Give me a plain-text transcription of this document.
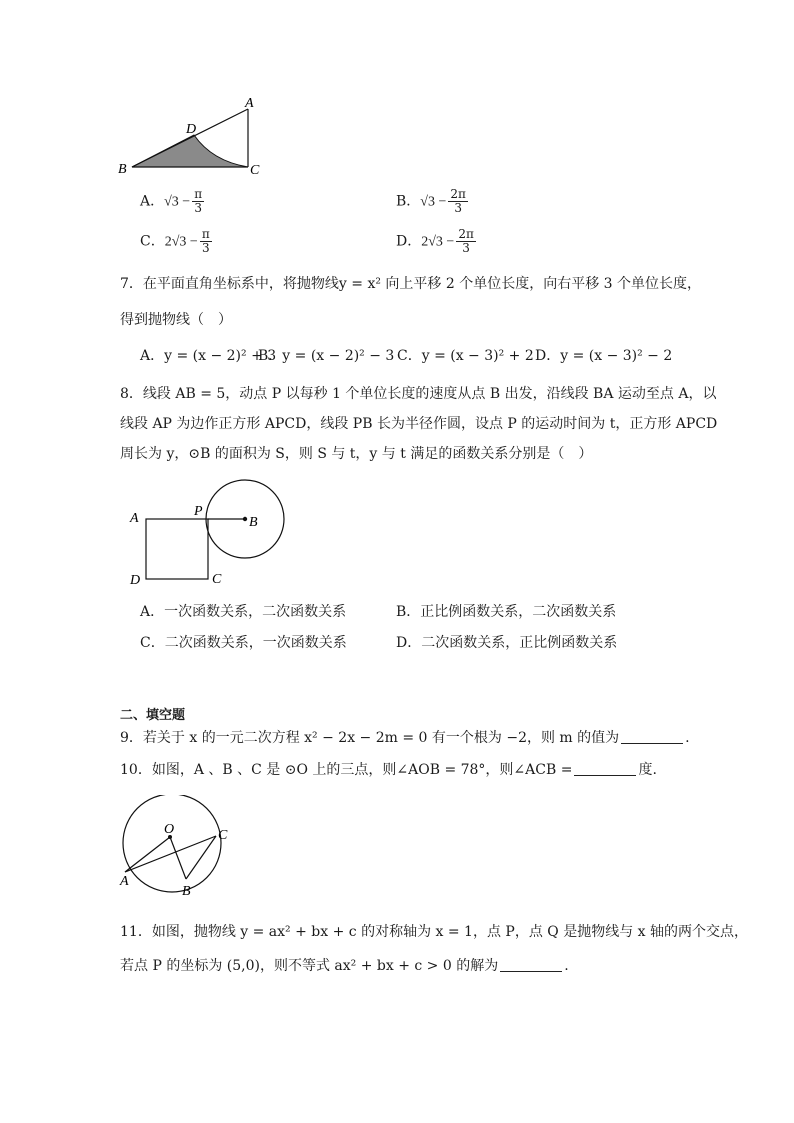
A
B	C
D
A．$√3 - \frac{\pi}{3}$	B．$√3 - \frac{2\pi}{3}$
C．$2√3 - \frac{\pi}{3}$	D．$2√3 - \frac{2\pi}{3}$
7．在平面直角坐标系中，将抛物线y = x² 向上平移 2 个单位长度，向右平移 3 个单位长度，
得到抛物线（　）
A．y = (x − 2)² + 3
B．y = (x − 2)² − 3 C．y = (x − 3)² + 2 D．y = (x − 3)² − 2
8．线段 AB = 5，动点 P 以每秒 1 个单位长度的速度从点 B 出发，沿线段 BA 运动至点 A，以
线段 AP 为边作正方形 APCD，线段 PB 长为半径作圆，设点 P 的运动时间为 t，正方形 APCD
周长为 y，⊙B 的面积为 S，则 S 与 t，y 与 t 满足的函数关系分别是（　）
A	P
B
C
D
A．一次函数关系，二次函数关系	B．正比例函数关系，二次函数关系
C．二次函数关系，一次函数关系	D．二次函数关系，正比例函数关系
二、填空题
9．若关于 x 的一元二次方程 x² − 2x − 2m = 0 有一个根为 −2，则 m 的值为	.
10．如图，A 、B 、C 是 ⊙O 上的三点，则∠AOB = 78°，则∠ACB =	度.
O
A
B
C
11．如图，抛物线 y = ax² + bx + c 的对称轴为 x = 1，点 P，点 Q 是抛物线与 x 轴的两个交点，
若点 P 的坐标为 (5,0)，则不等式 ax² + bx + c > 0 的解为	.
